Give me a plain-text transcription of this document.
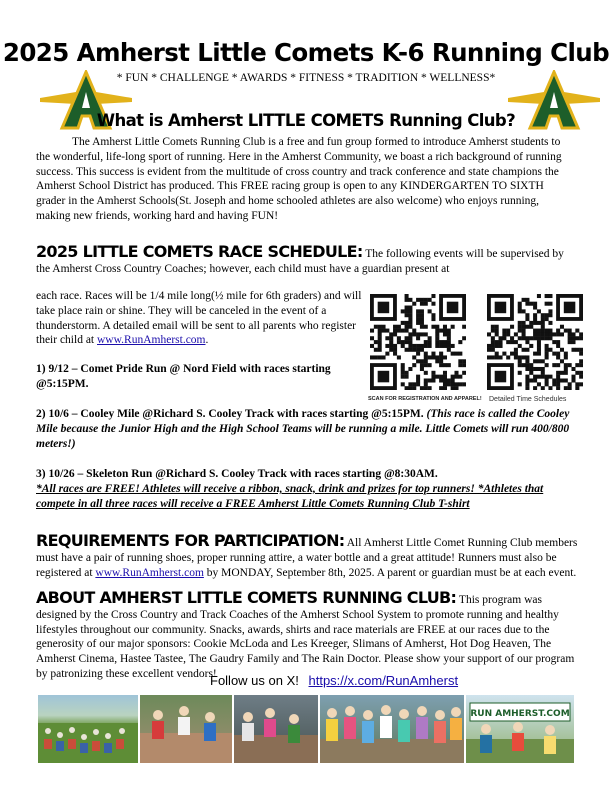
2025 Amherst Little Comets K-6 Running Club
* FUN * CHALLENGE * AWARDS * FITNESS * TRADITION * WELLNESS*
What is Amherst LITTLE COMETS Running Club?
The Amherst Little Comets Running Club is a free and fun group formed to introduce Amherst students to the wonderful, life-long sport of running. Here in the Amherst Community, we boast a rich background of running success. This success is evident from the multitude of cross country and track conference and state champions the Amherst School District has produced. This FREE racing group is open to any KINDERGARTEN TO SIXTH grader in the Amherst Schools(St. Joseph and home schooled athletes are also welcome) who enjoys running, making new friends, working hard and having FUN!
2025 LITTLE COMETS RACE SCHEDULE: The following events will be supervised by the Amherst Cross Country Coaches; however, each child must have a guardian present at
each race. Races will be 1/4 mile long(½ mile for 6th graders) and will take place rain or shine. They will be canceled in the event of a thunderstorm. A detailed email will be sent to all parents who register their child at www.RunAmherst.com.
SCAN FOR REGISTRATION AND APPAREL! Detailed Time Schedules
1) 9/12 – Comet Pride Run @ Nord Field with races starting @5:15PM.
2) 10/6 – Cooley Mile @Richard S. Cooley Track with races starting @5:15PM. (This race is called the Cooley Mile because the Junior High and the High School Teams will be running a mile. Little Comets will run 400/800 meters!)
3) 10/26 – Skeleton Run @Richard S. Cooley Track with races starting @8:30AM.
*All races are FREE! Athletes will receive a ribbon, snack, drink and prizes for top runners! *Athletes that compete in all three races will receive a FREE Amherst Little Comets Running Club T-shirt
REQUIREMENTS FOR PARTICIPATION: All Amherst Little Comet Running Club members must have a pair of running shoes, proper running attire, a water bottle and a great attitude! Runners must also be registered at www.RunAmherst.com by MONDAY, September 8th, 2025. A parent or guardian must be at each event.
ABOUT AMHERST LITTLE COMETS RUNNING CLUB: This program was designed by the Cross Country and Track Coaches of the Amherst School System to promote running and healthy lifestyles throughout our community. Snacks, awards, shirts and race materials are FREE at our races due to the generosity of our major sponsors: Cookie McLoda and Les Kreeger, Slimans of Amherst, Hot Dog Heaven, The Amherst Cinema, Hastee Tastee, The Gaudry Family and The Rain Doctor. Please show your support of our program by patronizing these excellent vendors!
Follow us on X! https://x.com/RunAmherst
RUN AMHERST.COM
